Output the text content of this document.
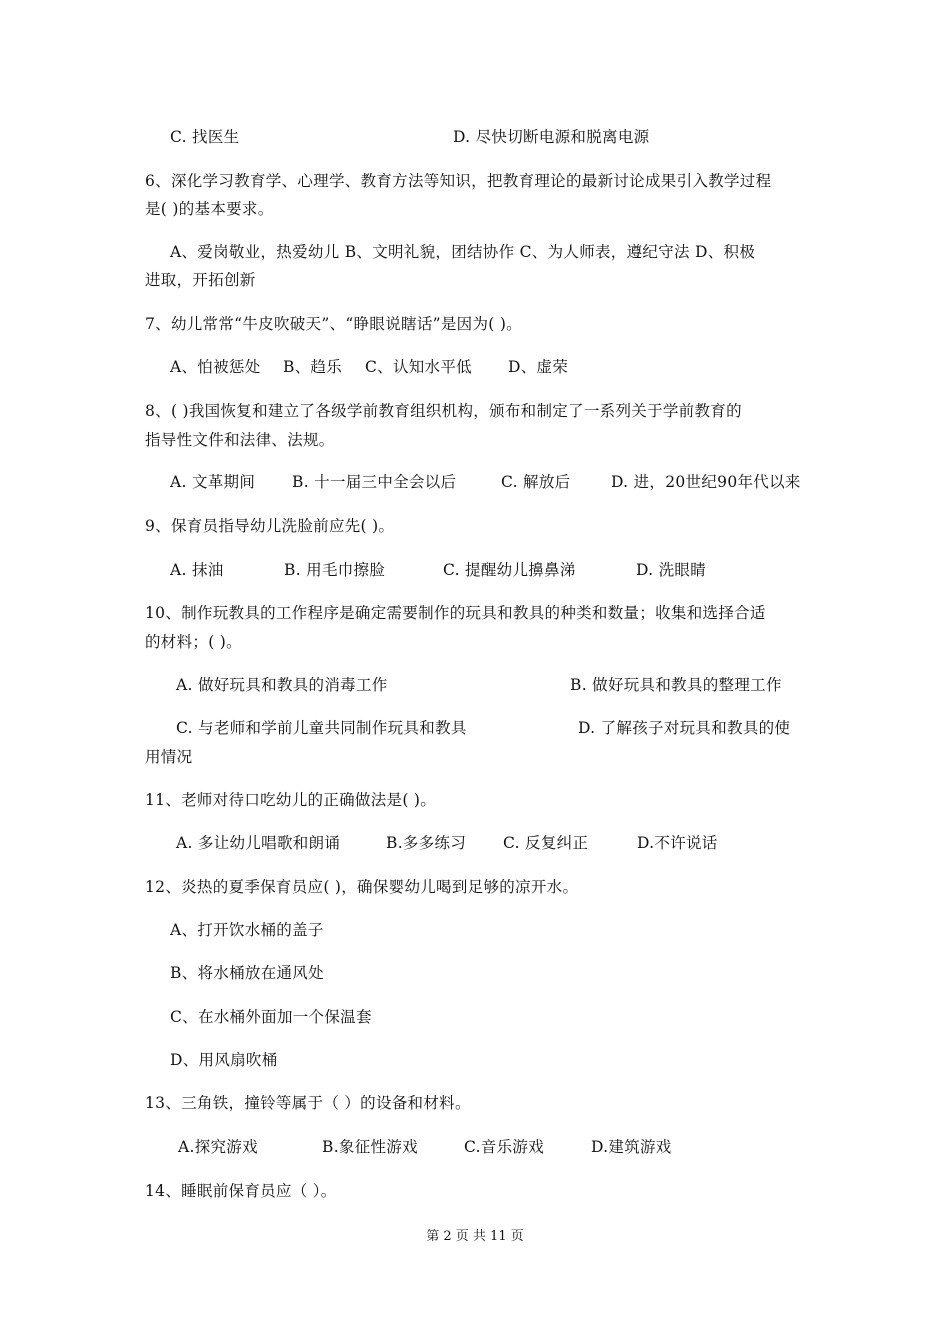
C. 找医生	D. 尽快切断电源和脱离电源
6、深化学习教育学、心理学、教育方法等知识，把教育理论的最新讨论成果引入教学过程
是( )的基本要求。
A、爱岗敬业，热爱幼儿 B、文明礼貌，团结协作 C、为人师表，遵纪守法 D、积极
进取，开拓创新
7、幼儿常常“牛皮吹破天”、“睁眼说瞎话”是因为( )。
A、怕被惩处	B、趋乐	C、认知水平低	D、虚荣
8、( )我国恢复和建立了各级学前教育组织机构，颁布和制定了一系列关于学前教育的
指导性文件和法律、法规。
A. 文革期间	B. 十一届三中全会以后	C. 解放后	D. 进，20世纪90年代以来
9、保育员指导幼儿洗脸前应先( )。
A. 抹油	B. 用毛巾擦脸	C. 提醒幼儿擤鼻涕	D. 洗眼睛
10、制作玩教具的工作程序是确定需要制作的玩具和教具的种类和数量；收集和选择合适
的材料；( )。
A. 做好玩具和教具的消毒工作	B. 做好玩具和教具的整理工作
C. 与老师和学前儿童共同制作玩具和教具	D. 了解孩子对玩具和教具的使
用情况
11、老师对待口吃幼儿的正确做法是( )。
A. 多让幼儿唱歌和朗诵	B.多多练习	C. 反复纠正	D.不许说话
12、炎热的夏季保育员应( )，确保婴幼儿喝到足够的凉开水。
A、打开饮水桶的盖子
B、将水桶放在通风处
C、在水桶外面加一个保温套
D、用风扇吹桶
13、三角铁，撞铃等属于（ ）的设备和材料。
A.探究游戏	B.象征性游戏	C.音乐游戏	D.建筑游戏
14、睡眠前保育员应（ ）。
第 2 页 共 11 页
